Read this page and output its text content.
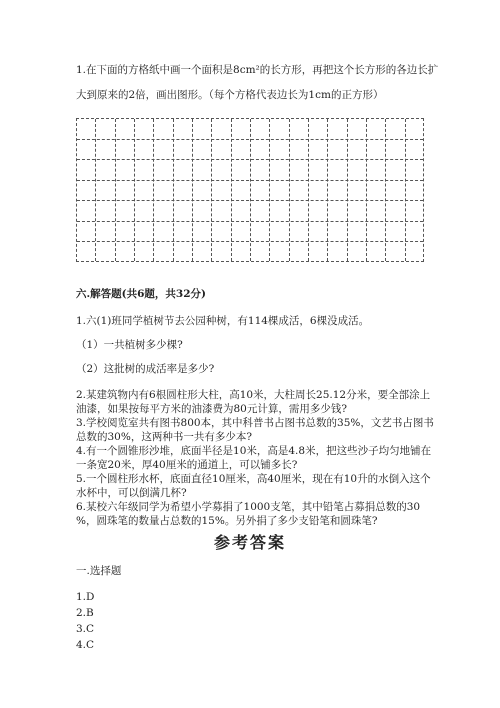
1.在下面的方格纸中画一个面积是8cm²的长方形，再把这个长方形的各边长扩
大到原来的2倍，画出图形。（每个方格代表边长为1cm的正方形）
六.解答题(共6题，共32分)
1.六(1)班同学植树节去公园种树，有114棵成活，6棵没成活。
（1）一共植树多少棵?
（2）这批树的成活率是多少?
2.某建筑物内有6根圆柱形大柱，高10米，大柱周长25.12分米，要全部涂上
油漆，如果按每平方米的油漆费为80元计算，需用多少钱?
3.学校阅览室共有图书800本，其中科普书占图书总数的35%，文艺书占图书
总数的30%，这两种书一共有多少本?
4.有一个圆锥形沙堆，底面半径是10米，高是4.8米，把这些沙子均匀地铺在
一条宽20米，厚40厘米的通道上，可以铺多长?
5.一个圆柱形水杯，底面直径10厘米，高40厘米，现在有10升的水倒入这个
水杯中，可以倒满几杯?
6.某校六年级同学为希望小学募捐了1000支笔，其中铅笔占募捐总数的30
%，圆珠笔的数量占总数的15%。另外捐了多少支铅笔和圆珠笔?
参考答案
一.选择题
1.D
2.B
3.C
4.C
